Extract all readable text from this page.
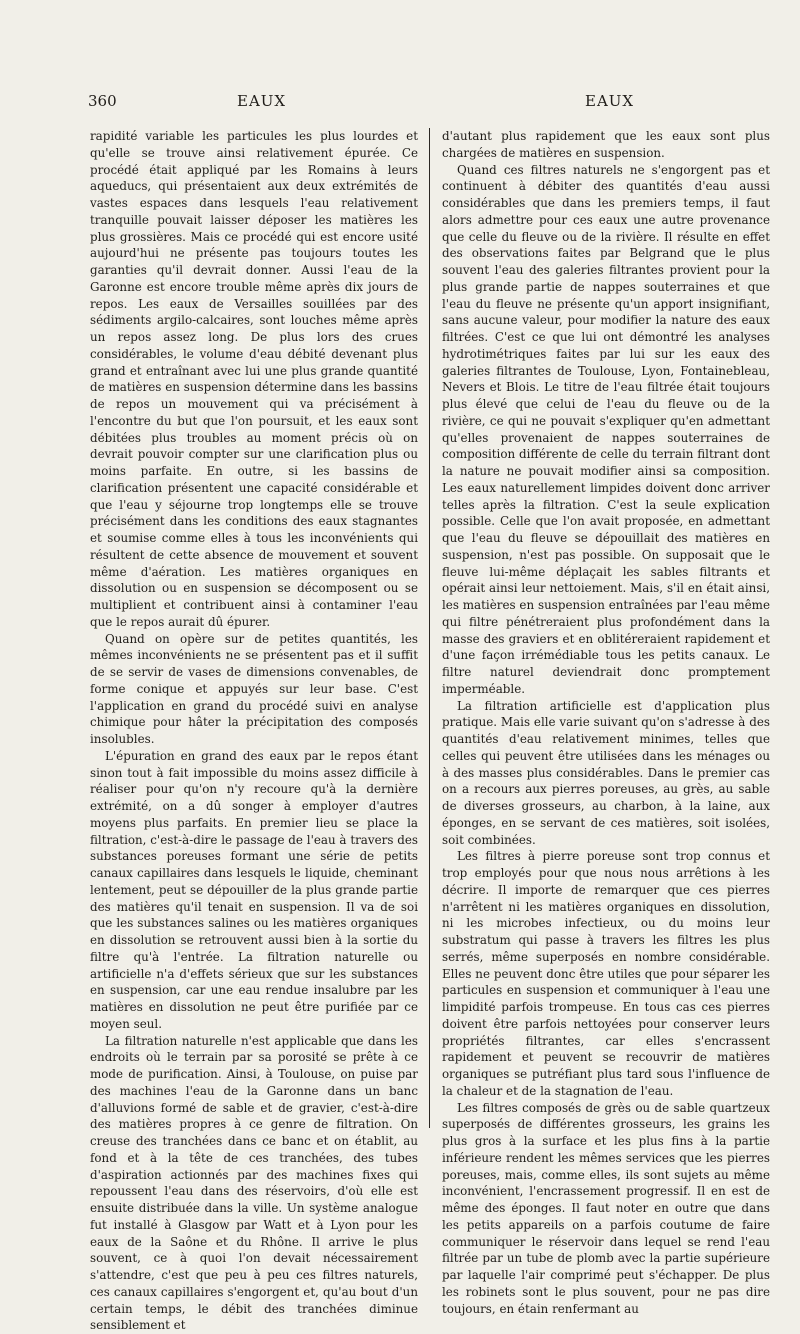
360	EAUX	EAUX

rapidité variable les particules les plus lourdes et qu'elle se trouve ainsi relativement épurée. Ce procédé était appliqué par les Romains à leurs aqueducs, qui présentaient aux deux extrémités de vastes espaces dans lesquels l'eau relativement tranquille pouvait laisser déposer les matières les plus grossières. Mais ce procédé qui est encore usité aujourd'hui ne présente pas toujours toutes les garanties qu'il devrait donner. Aussi l'eau de la Garonne est encore trouble même après dix jours de repos. Les eaux de Versailles souillées par des sédiments argilo-calcaires, sont louches même après un repos assez long. De plus lors des crues considérables, le volume d'eau débité devenant plus grand et entraînant avec lui une plus grande quantité de matières en suspension détermine dans les bassins de repos un mouvement qui va précisément à l'encontre du but que l'on poursuit, et les eaux sont débitées plus troubles au moment précis où on devrait pouvoir compter sur une clarification plus ou moins parfaite. En outre, si les bassins de clarification présentent une capacité considérable et que l'eau y séjourne trop longtemps elle se trouve précisément dans les conditions des eaux stagnantes et soumise comme elles à tous les inconvénients qui résultent de cette absence de mouvement et souvent même d'aération. Les matières organiques en dissolution ou en suspension se décomposent ou se multiplient et contribuent ainsi à contaminer l'eau que le repos aurait dû épurer.

Quand on opère sur de petites quantités, les mêmes inconvénients ne se présentent pas et il suffit de se servir de vases de dimensions convenables, de forme conique et appuyés sur leur base. C'est l'application en grand du procédé suivi en analyse chimique pour hâter la précipitation des composés insolubles.

L'épuration en grand des eaux par le repos étant sinon tout à fait impossible du moins assez difficile à réaliser pour qu'on n'y recoure qu'à la dernière extrémité, on a dû songer à employer d'autres moyens plus parfaits. En premier lieu se place la filtration, c'est-à-dire le passage de l'eau à travers des substances poreuses formant une série de petits canaux capillaires dans lesquels le liquide, cheminant lentement, peut se dépouiller de la plus grande partie des matières qu'il tenait en suspension. Il va de soi que les substances salines ou les matières organiques en dissolution se retrouvent aussi bien à la sortie du filtre qu'à l'entrée. La filtration naturelle ou artificielle n'a d'effets sérieux que sur les substances en suspension, car une eau rendue insalubre par les matières en dissolution ne peut être purifiée par ce moyen seul.

La filtration naturelle n'est applicable que dans les endroits où le terrain par sa porosité se prête à ce mode de purification. Ainsi, à Toulouse, on puise par des machines l'eau de la Garonne dans un banc d'alluvions formé de sable et de gravier, c'est-à-dire des matières propres à ce genre de filtration. On creuse des tranchées dans ce banc et on établit, au fond et à la tête de ces tranchées, des tubes d'aspiration actionnés par des machines fixes qui repoussent l'eau dans des réservoirs, d'où elle est ensuite distribuée dans la ville. Un système analogue fut installé à Glasgow par Watt et à Lyon pour les eaux de la Saône et du Rhône. Il arrive le plus souvent, ce à quoi l'on devait nécessairement s'attendre, c'est que peu à peu ces filtres naturels, ces canaux capillaires s'engorgent et, qu'au bout d'un certain temps, le débit des tranchées diminue sensiblement et

d'autant plus rapidement que les eaux sont plus chargées de matières en suspension.

Quand ces filtres naturels ne s'engorgent pas et continuent à débiter des quantités d'eau aussi considérables que dans les premiers temps, il faut alors admettre pour ces eaux une autre provenance que celle du fleuve ou de la rivière. Il résulte en effet des observations faites par Belgrand que le plus souvent l'eau des galeries filtrantes provient pour la plus grande partie de nappes souterraines et que l'eau du fleuve ne présente qu'un apport insignifiant, sans aucune valeur, pour modifier la nature des eaux filtrées. C'est ce que lui ont démontré les analyses hydrotimétriques faites par lui sur les eaux des galeries filtrantes de Toulouse, Lyon, Fontainebleau, Nevers et Blois. Le titre de l'eau filtrée était toujours plus élevé que celui de l'eau du fleuve ou de la rivière, ce qui ne pouvait s'expliquer qu'en admettant qu'elles provenaient de nappes souterraines de composition différente de celle du terrain filtrant dont la nature ne pouvait modifier ainsi sa composition. Les eaux naturellement limpides doivent donc arriver telles après la filtration. C'est la seule explication possible. Celle que l'on avait proposée, en admettant que l'eau du fleuve se dépouillait des matières en suspension, n'est pas possible. On supposait que le fleuve lui-même déplaçait les sables filtrants et opérait ainsi leur nettoiement. Mais, s'il en était ainsi, les matières en suspension entraînées par l'eau même qui filtre pénétreraient plus profondément dans la masse des graviers et en oblitéreraient rapidement et d'une façon irrémédiable tous les petits canaux. Le filtre naturel deviendrait donc promptement imperméable.

La filtration artificielle est d'application plus pratique. Mais elle varie suivant qu'on s'adresse à des quantités d'eau relativement minimes, telles que celles qui peuvent être utilisées dans les ménages ou à des masses plus considérables. Dans le premier cas on a recours aux pierres poreuses, au grès, au sable de diverses grosseurs, au charbon, à la laine, aux éponges, en se servant de ces matières, soit isolées, soit combinées.

Les filtres à pierre poreuse sont trop connus et trop employés pour que nous nous arrêtions à les décrire. Il importe de remarquer que ces pierres n'arrêtent ni les matières organiques en dissolution, ni les microbes infectieux, ou du moins leur substratum qui passe à travers les filtres les plus serrés, même superposés en nombre considérable. Elles ne peuvent donc être utiles que pour séparer les particules en suspension et communiquer à l'eau une limpidité parfois trompeuse. En tous cas ces pierres doivent être parfois nettoyées pour conserver leurs propriétés filtrantes, car elles s'encrassent rapidement et peuvent se recouvrir de matières organiques se putréfiant plus tard sous l'influence de la chaleur et de la stagnation de l'eau.

Les filtres composés de grès ou de sable quartzeux superposés de différentes grosseurs, les grains les plus gros à la surface et les plus fins à la partie inférieure rendent les mêmes services que les pierres poreuses, mais, comme elles, ils sont sujets au même inconvénient, l'encrassement progressif. Il en est de même des éponges. Il faut noter en outre que dans les petits appareils on a parfois coutume de faire communiquer le réservoir dans lequel se rend l'eau filtrée par un tube de plomb avec la partie supérieure par laquelle l'air comprimé peut s'échapper. De plus les robinets sont le plus souvent, pour ne pas dire toujours, en étain renfermant au
